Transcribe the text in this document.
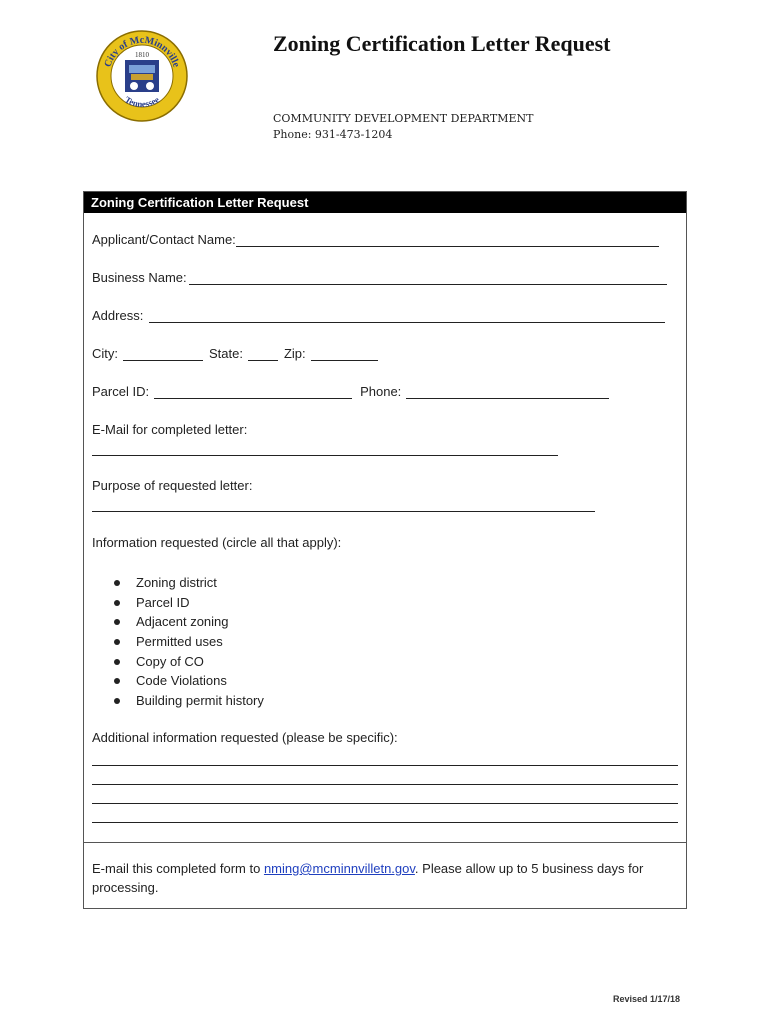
City of McMinnville
Tennessee
1810	Zoning Certification Letter Request
COMMUNITY DEVELOPMENT DEPARTMENT
Phone: 931-473-1204
Zoning Certification Letter Request
Applicant/Contact Name:
Business Name:
Address:
City:	State:	Zip:
Parcel ID:	Phone:
E-Mail for completed letter:
Purpose of requested letter:
Information requested (circle all that apply):
Zoning district
Parcel ID
Adjacent zoning
Permitted uses
Copy of CO
Code Violations
Building permit history
Additional information requested (please be specific):
E-mail this completed form to nming@mcminnvilletn.gov. Please allow up to 5 business days for processing.
Revised 1/17/18
